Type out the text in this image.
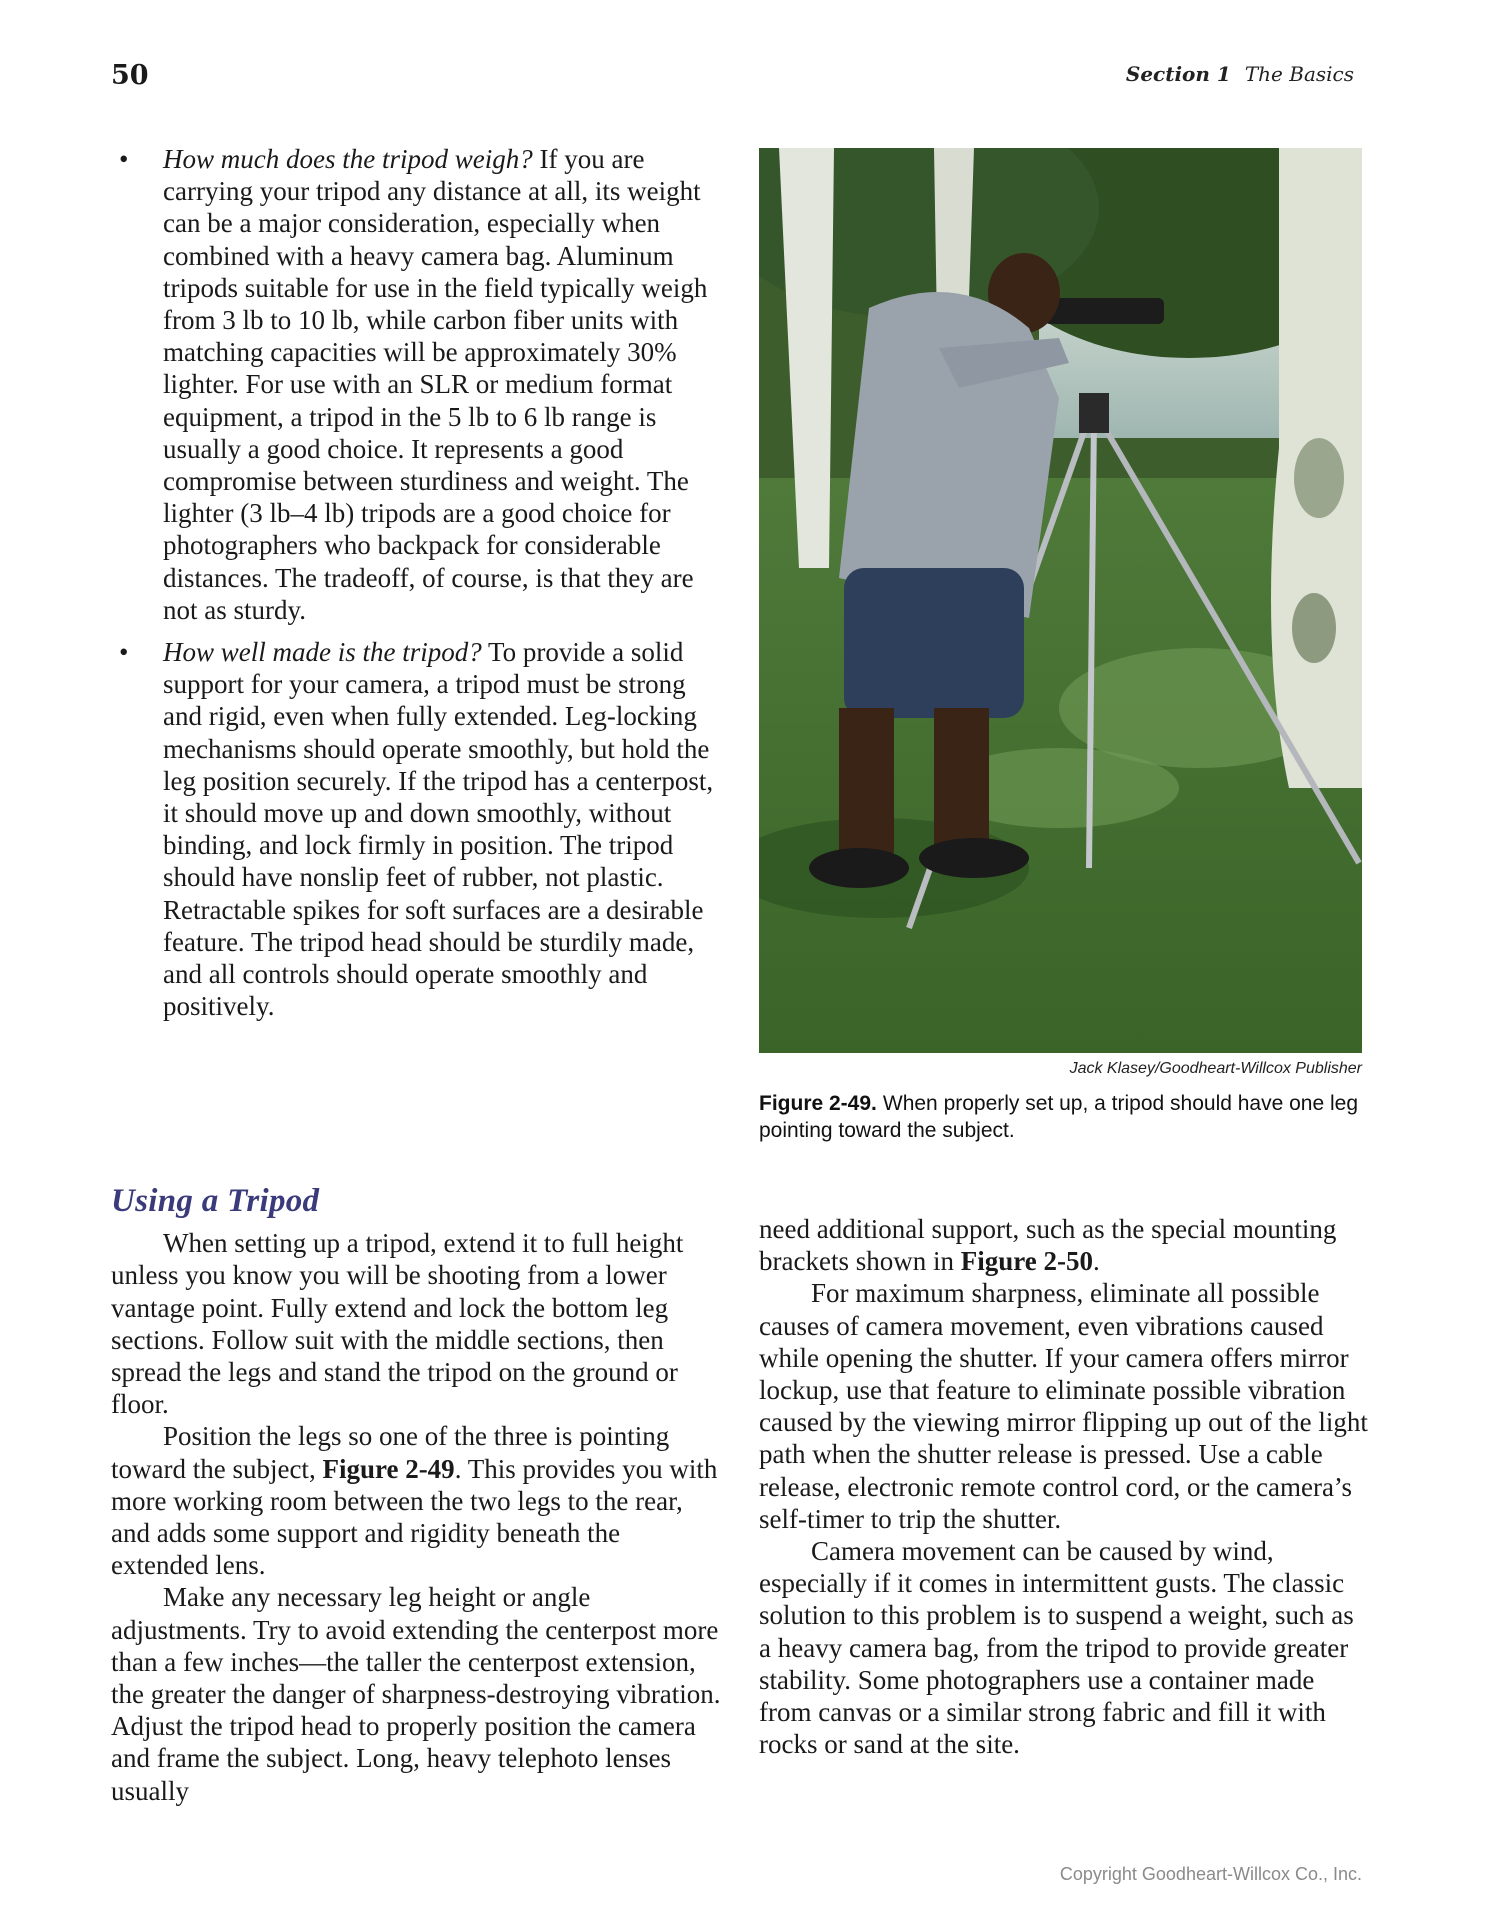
50	Section 1 The Basics
• How much does the tripod weigh? If you are carrying your tripod any distance at all, its weight can be a major consideration, especially when combined with a heavy camera bag. Aluminum tripods suitable for use in the field typically weigh from 3 lb to 10 lb, while carbon fiber units with matching capacities will be approximately 30% lighter. For use with an SLR or medium format equipment, a tripod in the 5 lb to 6 lb range is usually a good choice. It represents a good compromise between sturdiness and weight. The lighter (3 lb–4 lb) tripods are a good choice for photographers who backpack for considerable distances. The tradeoff, of course, is that they are not as sturdy.
• How well made is the tripod? To provide a solid support for your camera, a tripod must be strong and rigid, even when fully extended. Leg-locking mechanisms should operate smoothly, but hold the leg position securely. If the tripod has a centerpost, it should move up and down smoothly, without binding, and lock firmly in position. The tripod should have nonslip feet of rubber, not plastic. Retractable spikes for soft surfaces are a desirable feature. The tripod head should be sturdily made, and all controls should operate smoothly and positively.
Jack Klasey/Goodheart-Willcox Publisher
Figure 2-49. When properly set up, a tripod should have one leg pointing toward the subject.
Using a Tripod

When setting up a tripod, extend it to full height unless you know you will be shooting from a lower vantage point. Fully extend and lock the bottom leg sections. Follow suit with the middle sections, then spread the legs and stand the tripod on the ground or floor.

Position the legs so one of the three is pointing toward the subject, Figure 2-49. This provides you with more working room between the two legs to the rear, and adds some support and rigidity beneath the extended lens.

Make any necessary leg height or angle adjustments. Try to avoid extending the centerpost more than a few inches—the taller the centerpost extension, the greater the danger of sharpness-destroying vibration. Adjust the tripod head to properly position the camera and frame the subject. Long, heavy telephoto lenses usually

need additional support, such as the special mounting brackets shown in Figure 2-50.

For maximum sharpness, eliminate all possible causes of camera movement, even vibrations caused while opening the shutter. If your camera offers mirror lockup, use that feature to eliminate possible vibration caused by the viewing mirror flipping up out of the light path when the shutter release is pressed. Use a cable release, electronic remote control cord, or the camera’s self-timer to trip the shutter.

Camera movement can be caused by wind, especially if it comes in intermittent gusts. The classic solution to this problem is to suspend a weight, such as a heavy camera bag, from the tripod to provide greater stability. Some photographers use a container made from canvas or a similar strong fabric and fill it with rocks or sand at the site.

Copyright Goodheart-Willcox Co., Inc.
